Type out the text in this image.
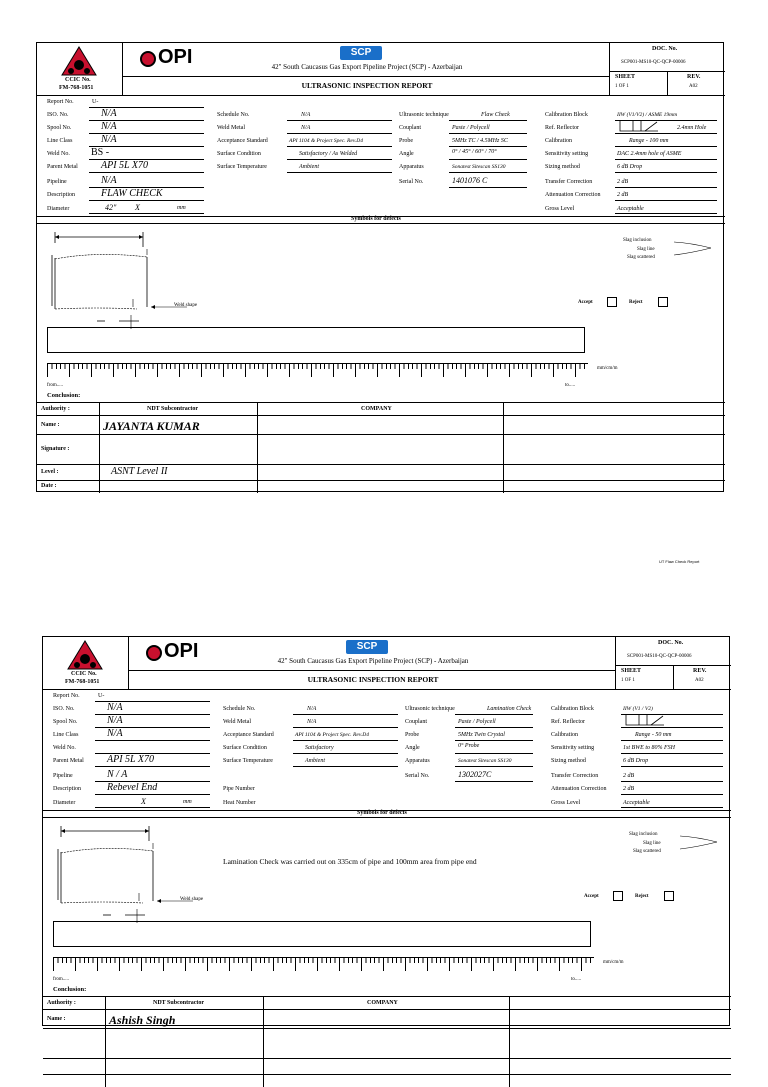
CCIC No.
FM-768-1051
OPI	SCP
42" South Caucasus Gas Export Pipeline Project (SCP) - Azerbaijan
ULTRASONIC INSPECTION REPORT
DOC. No.
SCP001-MS10-QC-QCP-00006
SHEET
1 OF 1
REV.
A02
Report No.	U-
ISO. No.	N/A
Spool No.	N/A
Line Class	N/A
Weld No. BS -
Parent Metal API 5L X70
Pipeline	N/A
Description	FLAW CHECK
Diameter	42" X	mm
Schedule No.	N/A
Weld Metal	N/A
Acceptance Standard	API 1104 & Project Spec. Rev.D4
Surface Condition	Satisfactory / As Welded
Surface Temperature	Ambient
Ultrasonic technique	Flaw Check
Couplant	Paste / Polycell
Probe	5MHz TC / 4.5MHz SC
Angle	0° / 45° / 60° / 70°
Apparatus	Sonatest Sitescan SS130
Serial No.	1401076 C
Calibration Block	IIW (V1/V2) / ASME 19mm
Ref. Reflector	2.4mm Hole
Calibration	Range - 100 mm
Sensitivity setting	DAC 2.4mm hole of ASME
Sizing method	6 dB Drop
Transfer Correction	2 dB
Attenuation Correction	2 dB
Gross Level	Acceptable
Symbols for defects
Weld shape
Slag inclusion
Slag line
Slag scattered
Accept	Reject
from.....	to.....
mm/cm/m
Conclusion:
Authority :	NDT Subcontractor	COMPANY
Name :	JAYANTA KUMAR
Signature :
Level :	ASNT Level II
Date :
UT Flaw Check Report
CCIC No.
FM-768-1051
OPI	SCP
42" South Caucasus Gas Export Pipeline Project (SCP) - Azerbaijan
ULTRASONIC INSPECTION REPORT
DOC. No.
SCP001-MS10-QC-QCP-00006
SHEET
1 OF 1
REV.
A02
Report No.	U-
ISO. No.	N/A
Spool No.	N/A
Line Class	N/A
Weld No.
Parent Metal API 5L X70
Pipeline	N / A
Description	Rebevel End
Diameter	X	mm
Schedule No.	N/A
Weld Metal	N/A
Acceptance Standard	API 1104 & Project Spec. Rev.D4
Surface Condition	Satisfactory
Surface Temperature	Ambient
Pipe Number
Heat Number
Ultrasonic technique	Lamination Check
Couplant	Paste / Polycell
Probe	5MHz Twin Crystal
Angle	0° Probe
Apparatus	Sonatest Sitescan SS130
Serial No.	1302027C
Calibration Block	IIW (V1 / V2)
Ref. Reflector
Calibration	Range - 50 mm
Sensitivity setting	1st BWE to 80% FSH
Sizing method	6 dB Drop
Transfer Correction	2 dB
Attenuation Correction	2 dB
Gross Level	Acceptable
Symbols for defects
Weld shape
Lamination Check was carried out on 335cm of pipe and 100mm area from pipe end
Slag inclusion
Slag line
Slag scattered
Accept	Reject
from.....	to.....
mm/cm/m
Conclusion:
Authority :	NDT Subcontractor	COMPANY
Name :	Ashish Singh
